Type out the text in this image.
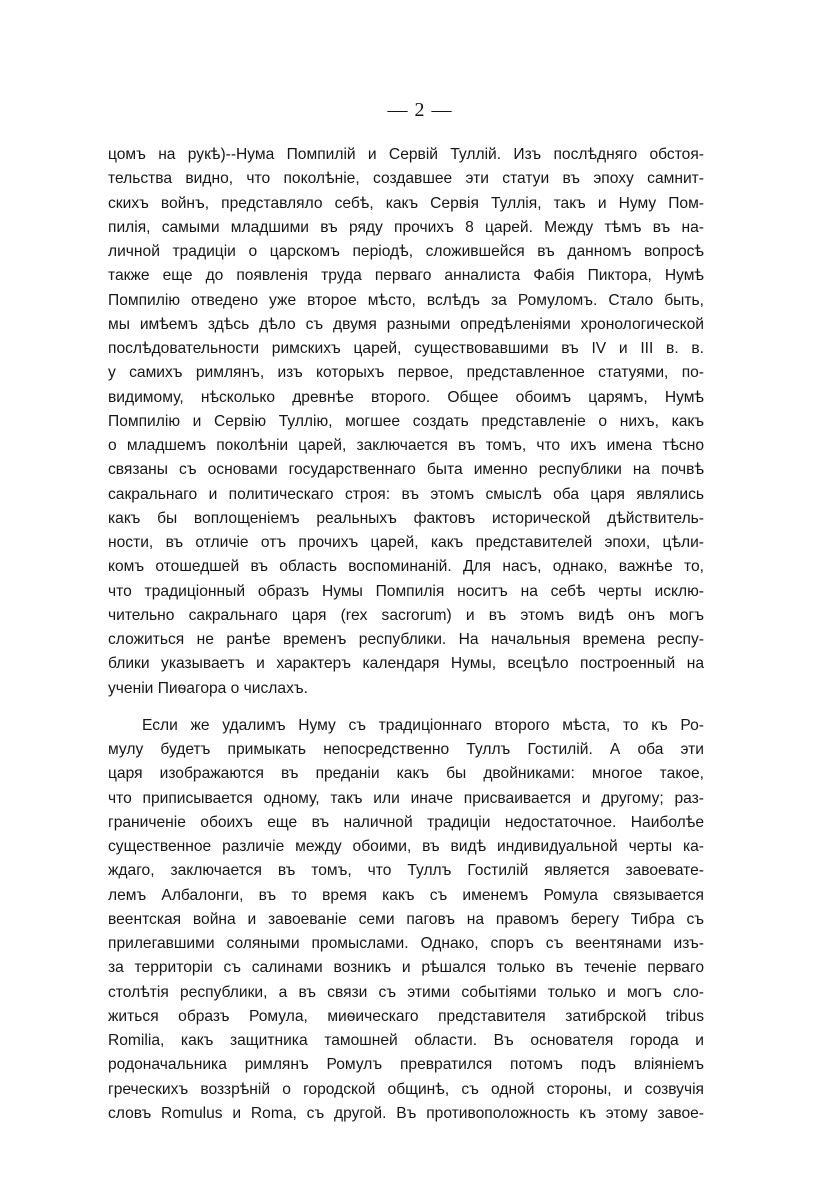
— 2 —
цомъ на рукѣ)--Нума Помпилій и Сервій Туллій. Изъ послѣдняго обстоя-
тельства видно, что поколѣніе, создавшее эти статуи въ эпоху самнит-
скихъ войнъ, представляло себѣ, какъ Сервія Туллія, такъ и Нуму Пом-
пилія, самыми младшими въ ряду прочихъ 8 царей. Между тѣмъ въ на-
личной традиціи о царскомъ періодѣ, сложившейся въ данномъ вопросѣ
также еще до появленія труда перваго анналиста Фабія Пиктора, Нумѣ
Помпилію отведено уже второе мѣсто, вслѣдъ за Ромуломъ. Стало быть,
мы имѣемъ здѣсь дѣло съ двумя разными опредѣленіями хронологической
послѣдовательности римскихъ царей, существовавшими въ IV и III в. в.
у самихъ римлянъ, изъ которыхъ первое, представленное статуями, по-
видимому, нѣсколько древнѣе второго. Общее обоимъ царямъ, Нумѣ
Помпилію и Сервію Туллію, могшее создать представленіе о нихъ, какъ
о младшемъ поколѣніи царей, заключается въ томъ, что ихъ имена тѣсно
связаны съ основами государственнаго быта именно республики на почвѣ
сакральнаго и политическаго строя: въ этомъ смыслѣ оба царя являлись
какъ бы воплощеніемъ реальныхъ фактовъ исторической дѣйствитель-
ности, въ отличіе отъ прочихъ царей, какъ представителей эпохи, цѣли-
комъ отошедшей въ область воспоминаній. Для насъ, однако, важнѣе то,
что традиціонный образъ Нумы Помпилія носитъ на себѣ черты исклю-
чительно сакральнаго царя (rex sacrorum) и въ этомъ видѣ онъ могъ
сложиться не ранѣе временъ республики. На начальныя времена респу-
блики указываетъ и характеръ календаря Нумы, всецѣло построенный на
ученіи Пиѳагора о числахъ.
Если же удалимъ Нуму съ традиціоннаго второго мѣста, то къ Ро-
мулу будетъ примыкать непосредственно Туллъ Гостилій. А оба эти
царя изображаются въ преданіи какъ бы двойниками: многое такое,
что приписывается одному, такъ или иначе присваивается и другому; раз-
граниченіе обоихъ еще въ наличной традиціи недостаточное. Наиболѣе
существенное различіе между обоими, въ видѣ индивидуальной черты ка-
ждаго, заключается въ томъ, что Туллъ Гостилій является завоевате-
лемъ Албалонги, въ то время какъ съ именемъ Ромула связывается
веентская война и завоеваніе семи паговъ на правомъ берегу Тибра съ
прилегавшими соляными промыслами. Однако, споръ съ веентянами изъ-
за территоріи съ салинами возникъ и рѣшался только въ теченіе перваго
столѣтія республики, а въ связи съ этими событіями только и могъ сло-
житься образъ Ромула, миѳическаго представителя затибрской tribus
Romilia, какъ защитника тамошней области. Въ основателя города и
родоначальника римлянъ Ромулъ превратился потомъ подъ вліяніемъ
греческихъ воззрѣній о городской общинѣ, съ одной стороны, и созвучія
словъ Romulus и Roma, съ другой. Въ противоположность къ этому завое-
